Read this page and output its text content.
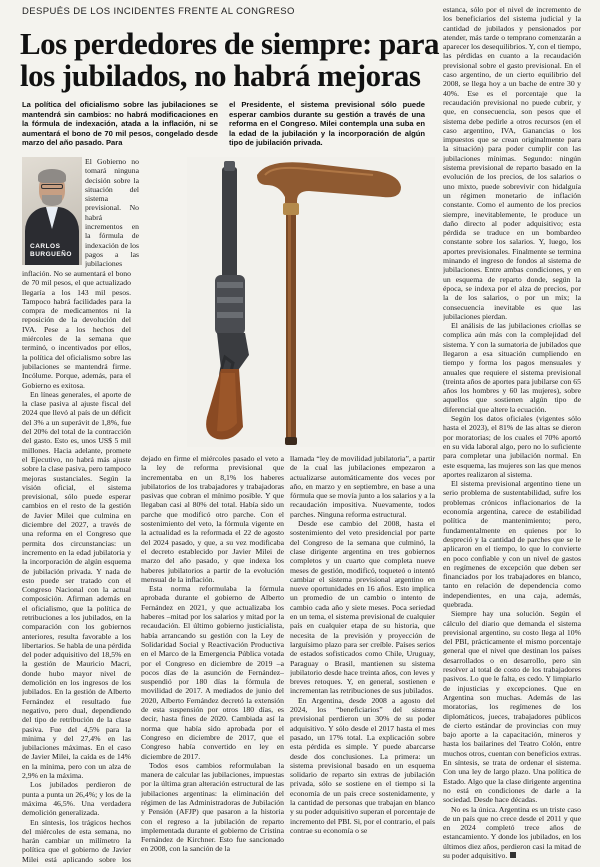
DESPUÉS DE LOS INCIDENTES FRENTE AL CONGRESO
Los perdedores de siempre: para los jubilados, no habrá mejoras

La política del oficialismo sobre las jubilaciones se mantendrá sin cambios: no habrá modificaciones en la fórmula de indexación, atada a la inflación, ni se aumentará el bono de 70 mil pesos, congelado desde marzo del año pasado. Para

el Presidente, el sistema previsional sólo puede esperar cambios durante su gestión a través de una reforma en el Congreso. Milei contempla una suba en la edad de la jubilación y la incorporación de algún tipo de jubilación privada.

CARLOS
BURGUEÑO

El Gobierno no tomará ninguna decisión sobre la situación del sistema previsional. No habrá incrementos en la fórmula de indexación de los pagos a las jubilaciones

inflación. No se aumentará el bono de 70 mil pesos, el que actualizado llegaría a los 143 mil pesos. Tampoco habrá facilidades para la compra de medicamentos ni la reposición de la devolución del IVA. Pese a los hechos del miércoles de la semana que terminó, o incentivados por ellos, la política del oficialismo sobre las jubilaciones se mantendrá firme. Incólume. Porque, además, para el Gobierno es exitosa.

En líneas generales, el aporte de la clase pasiva al ajuste fiscal del 2024 que llevó al país de un déficit del 3% a un superávit de 1,8%, fue del 20% del total de la contracción del gasto. Esto es, unos US$ 5 mil millones. Hacia adelante, promete el Ejecutivo, no habrá más ajuste sobre la clase pasiva, pero tampoco mejoras sustanciales. Según la visión oficial, el sistema previsional, sólo puede esperar cambios en el resto de la gestión de Javier Milei que culmina en diciembre del 2027, a través de una reforma en el Congreso que permita dos circunstancias: un incremento en la edad jubilatoria y la incorporación de algún esquema de jubilación privada. Y nada de esto puede ser tratado con el Congreso Nacional con la actual composición. Afirman además en el oficialismo, que la política de retribuciones a los jubilados, en la comparación con los gobiernos anteriores, resulta favorable a los libertarios. Se habla de una pérdida del poder adquisitivo del 18,5% en la gestión de Mauricio Macri, donde hubo mayor nivel de demolición en los ingresos de los jubilados. En la gestión de Alberto Fernández el resultado fue negativo, pero dual, dependiendo del tipo de retribución de la clase pasiva. Fue del 4,5% para la mínima y del 27,4% en las jubilaciones máximas. En el caso de Javier Milei, la caída es de 14% en la mínima, pero con un alza de 2,9% en la máxima.

Los jubilados perdieron de punta a punta un 26,4%; y los de la máxima 46,5%. Una verdadera demolición generalizada.

En síntesis, los trágicos hechos del miércoles de esta semana, no harán cambiar un milímetro la política que el gobierno de Javier Milei está aplicando sobre los

dejado en firme el miércoles pasado el veto a la ley de reforma previsional que incrementaba en un 8,1% los haberes jubilatorios de los trabajadores y trabajadoras pasivas que cobran el mínimo posible. Y que llegaban casi al 80% del total. Había sido un parche que modificó otro parche. Con el sostenimiento del veto, la fórmula vigente en la actualidad es la reformada el 22 de agosto del 2024 pasado, y que, a su vez modificaba el decreto establecido por Javier Milei de marzo del año pasado, y que indexa los haberes jubilatorios a partir de la evolución mensual de la inflación.

Esta norma reformulaba la fórmula aprobada durante el gobierno de Alberto Fernández en 2021, y que actualizaba los haberes –mitad por los salarios y mitad por la recaudación. El último gobierno justicialista, había arrancando su gestión con la Ley de Solidaridad Social y Reactivación Productiva en el Marco de la Emergencia Pública votada por el Congreso en diciembre de 2019 –a pocos días de la asunción de Fernández– suspendió por 180 días la fórmula de movilidad de 2017. A mediados de junio del 2020, Alberto Fernández decretó la extensión de esta suspensión por otros 180 días, es decir, hasta fines de 2020. Cambiada así la norma que había sido aprobada por el Congreso en diciembre de 2017, que el Congreso había convertido en ley en diciembre de 2017.

Todos esos cambios reformulaban la manera de calcular las jubilaciones, impuestas por la última gran alteración estructural de las jubilaciones argentinas: la eliminación del régimen de las Administradoras de Jubilación y Pensión (AFJP) que pasaron a la historia con el regreso a la jubilación de reparto implementada durante el gobierno de Cristina Fernández de Kirchner. Esto fue sancionado en 2008, con la sanción de la

llamada “ley de movilidad jubilatoria”, a partir de la cual las jubilaciones empezaron a actualizarse automáticamente dos veces por año, en marzo y en septiembre, en base a una fórmula que se movía junto a los salarios y a la recaudación impositiva. Nuevamente, todos parches. Ninguna reforma estructural.

Desde ese cambio del 2008, hasta el sostenimiento del veto presidencial por parte del Congreso de la semana que culminó, la clase dirigente argentina en tres gobiernos completos y un cuarto que completa nueve meses de gestión, modificó, toqueteó o intentó cambiar el sistema previsional argentino en nueve oportunidades en 16 años. Esto implica un promedio de un cambio o intento de cambio cada año y siete meses. Poca seriedad en un tema, el sistema previsional de cualquier país en cualquier etapa de su historia, que necesita de la previsión y proyección de larguísimo plazo para ser creíble. Países serios de estados sofisticados como Chile, Uruguay, Paraguay o Brasil, mantienen su sistema jubilatorio desde hace treinta años, con leves y breves retoques. Y, en general, sostienen e incrementan las retribuciones de sus jubilados.

En Argentina, desde 2008 a agosto del 2024, los “beneficiarios” del sistema previsional perdieron un 30% de su poder adquisitivo. Y sólo desde el 2017 hasta el mes pasado, un 17% total. La explicación sobre esta pérdida es simple. Y puede abarcarse desde dos conclusiones. La primera: un sistema previsional basado en un esquema solidario de reparto sin extras de jubilación privada, sólo se sostiene en el tiempo si la economía de un país crece sostenidamente, y la cantidad de personas que trabajan en blanco y su poder adquisitivo superan el porcentaje de incremento del PBI. Si, por el contrario, el país contrae su economía o se

estanca, sólo por el nivel de incremento de los beneficiarios del sistema judicial y la cantidad de jubilados y pensionados por atender, más tarde o temprano comenzarán a aparecer los desequilibrios. Y, con el tiempo, las pérdidas en cuanto a la recaudación previsional sobre el gasto previsional. En el caso argentino, de un cierto equilibrio del 2008, se llega hoy a un bache de entre 30 y 40%. Ese es el porcentaje que la recaudación previsional no puede cubrir, y que, en consecuencia, son pesos que el sistema debe pedirle a otros recursos (en el caso argentino, IVA, Ganancias o los impuestos que se crean originalmente para la situación) para poder cumplir con las jubilaciones mínimas. Segundo: ningún sistema previsional de reparto basado en la evolución de los precios, de los salarios o uno mixto, puede sobrevivir con hidalguía un régimen monetario de inflación constante. Como el aumento de los precios siempre, inevitablemente, le produce un daño directo al poder adquisitivo; esta pérdida se traduce en un bombardeo constante sobre los salarios. Y, luego, los aportes previsionales. Finalmente se termina minando el ingreso de fondos al sistema de jubilaciones. Entre ambas condiciones, y en un esquema de reparto donde, según la época, se indexa por el alza de precios, por la de los salarios, o por un mix; la consecuencia inevitable es que las jubilaciones pierdan.

El análisis de las jubilaciones criollas se complica aún más con la complejidad del sistema. Y con la sumatoria de jubilados que llegaron a esa situación cumpliendo en tiempo y forma los pagos mensuales y anuales que requiere el sistema previsional (treinta años de aportes para jubilarse con 65 años los hombres y 60 las mujeres), sobre aquellos que sostienen algún tipo de diferencial que altere la ecuación.

Según los datos oficiales (vigentes sólo hasta el 2023), el 81% de las altas se dieron por moratorias; de los cuales el 70% aportó en su vida laboral algo, pero no lo suficiente para completar una jubilación normal. En este esquema, las mujeres son las que menos aportes realizaron al sistema.

El sistema previsional argentino tiene un serio problema de sustentabilidad, sufre los problemas crónicos inflacionarios de la economía argentina, carece de estabilidad política de mantenimiento; pero, fundamentalmente en quienes por lo despreció y la cantidad de parches que se le aplicaron en el tiempo, lo que lo convierte en poco confiable y con un nivel de gastos en regímenes de excepción que deben ser financiados por los trabajadores en blanco, tanto en relación de dependencia como independientes, en una caja, además, quebrada.

Siempre hay una solución. Según el cálculo del diario que demanda el sistema previsional argentino, su costo llega al 10% del PBI, prácticamente el mismo porcentaje general que el nivel que destinan los países desarrollados o en desarrollo, pero sin resolver al total de costo de los trabajadores pasivos. Lo que le falta, es cedo. Y limpiarlo de injusticias y excepciones. Que en Argentina son muchas. Además de las moratorias, los regímenes de los diplomáticos, jueces, trabajadores públicos de cierto estándar de provincias con muy bajo aporte a la capacitación, mineros y hasta los bailarines del Teatro Colón, entre muchos otros, cuentan con beneficios extras. En síntesis, se trata de ordenar el sistema. Con una ley de largo plazo. Una política de Estado. Algo que la clase dirigente argentina no está en condiciones de darle a la sociedad. Desde hace décadas.

No es la única. Argentina es un triste caso de un país que no crece desde el 2011 y que en 2024 completó trece años de estancamiento. Y donde los jubilados, en los últimos diez años, perdieron casi la mitad de su poder adquisitivo.
